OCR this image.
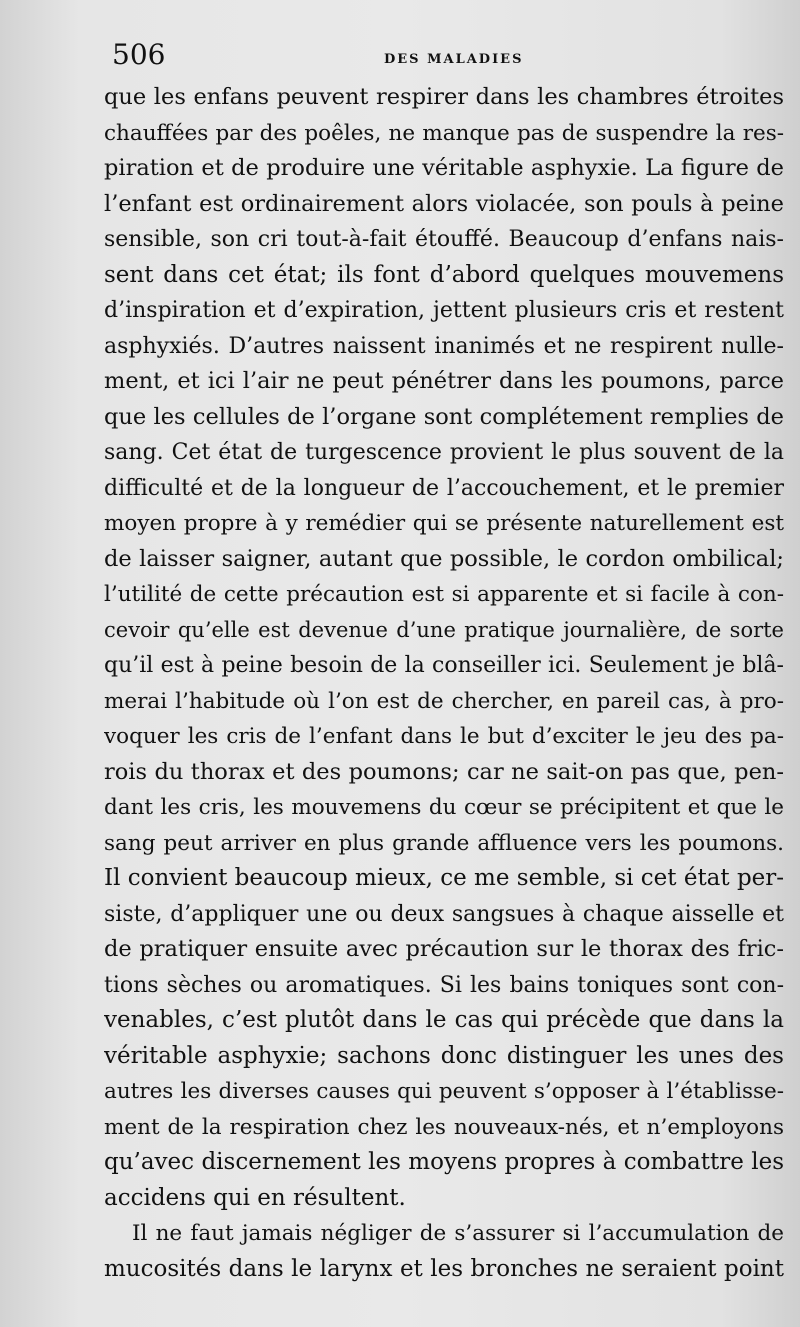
506	DES MALADIES
que les enfans peuvent respirer dans les chambres étroites
chauffées par des poêles, ne manque pas de suspendre la res-
piration et de produire une véritable asphyxie. La figure de
l’enfant est ordinairement alors violacée, son pouls à peine
sensible, son cri tout-à-fait étouffé. Beaucoup d’enfans nais-
sent dans cet état; ils font d’abord quelques mouvemens
d’inspiration et d’expiration, jettent plusieurs cris et restent
asphyxiés. D’autres naissent inanimés et ne respirent nulle-
ment, et ici l’air ne peut pénétrer dans les poumons, parce
que les cellules de l’organe sont complétement remplies de
sang. Cet état de turgescence provient le plus souvent de la
difficulté et de la longueur de l’accouchement, et le premier
moyen propre à y remédier qui se présente naturellement est
de laisser saigner, autant que possible, le cordon ombilical;
l’utilité de cette précaution est si apparente et si facile à con-
cevoir qu’elle est devenue d’une pratique journalière, de sorte
qu’il est à peine besoin de la conseiller ici. Seulement je blâ-
merai l’habitude où l’on est de chercher, en pareil cas, à pro-
voquer les cris de l’enfant dans le but d’exciter le jeu des pa-
rois du thorax et des poumons; car ne sait-on pas que, pen-
dant les cris, les mouvemens du cœur se précipitent et que le
sang peut arriver en plus grande affluence vers les poumons.
Il convient beaucoup mieux, ce me semble, si cet état per-
siste, d’appliquer une ou deux sangsues à chaque aisselle et
de pratiquer ensuite avec précaution sur le thorax des fric-
tions sèches ou aromatiques. Si les bains toniques sont con-
venables, c’est plutôt dans le cas qui précède que dans la
véritable asphyxie; sachons donc distinguer les unes des
autres les diverses causes qui peuvent s’opposer à l’établisse-
ment de la respiration chez les nouveaux-nés, et n’employons
qu’avec discernement les moyens propres à combattre les
accidens qui en résultent.
Il ne faut jamais négliger de s’assurer si l’accumulation de
mucosités dans le larynx et les bronches ne seraient point
